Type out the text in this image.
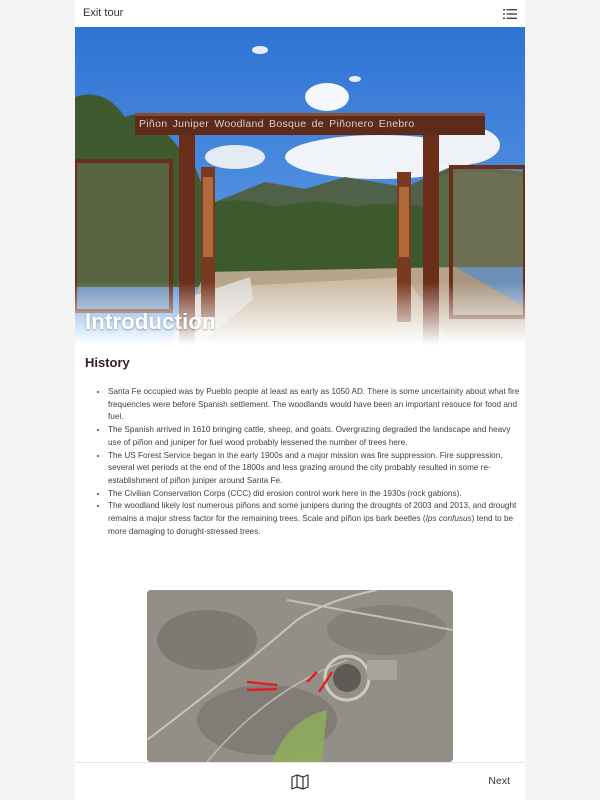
Exit tour
Piñon Juniper Woodland Bosque de Piñonero Enebro
Introduction
History
• Santa Fe occupied was by Pueblo people at least as early as 1050 AD. There is some uncertainity about what fire frequencies were before Spanish settlement. The woodlands would have been an important resouce for food and fuel.
• The Spanish arrived in 1610 bringing cattle, sheep, and goats. Overgrazing degraded the landscape and heavy use of piñon and juniper for fuel wood probably lessened the number of trees here.
• The US Forest Service began in the early 1900s and a major mission was fire suppression. Fire suppression, several wet periods at the end of the 1800s and less grazing around the city probably resulted in some re-establishment of piñon juniper around Santa Fe.
• The Civilian Conservation Corps (CCC) did erosion control work here in the 1930s (rock gabions).
• The woodland likely lost numerous piñons and some junipers during the droughts of 2003 and 2013, and drought remains a major stress factor for the remaining trees. Scale and piñon ips bark beetles (Ips confusus) tend to be more damaging to dorught-stressed trees.
Next
